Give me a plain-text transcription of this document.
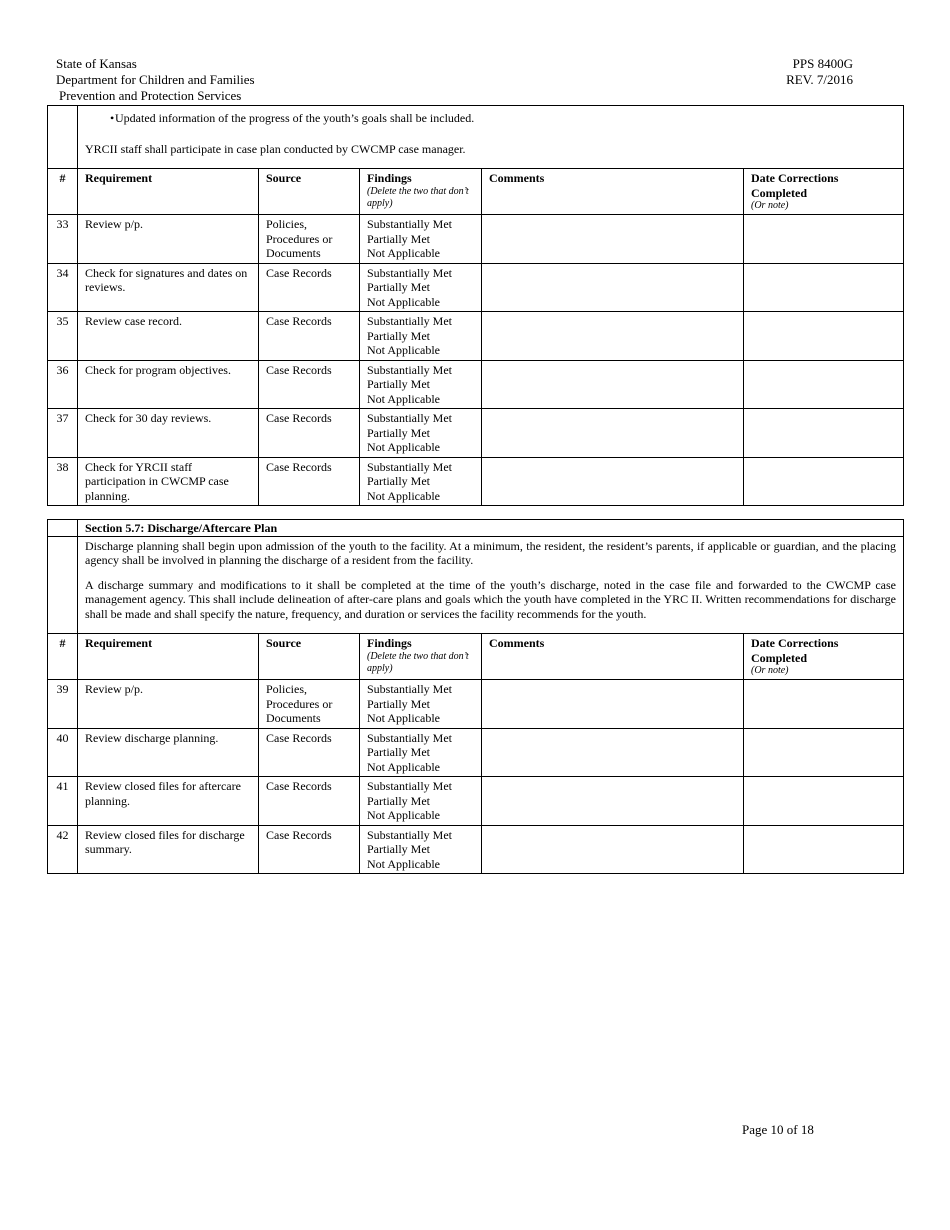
State of Kansas
Department for Children and Families
Prevention and Protection Services
PPS 8400G
REV. 7/2016

	• Updated information of the progress of the youth’s goals shall be included.

YRCII staff shall participate in case plan conducted by CWCMP case manager.

#	Requirement	Source	Findings
(Delete the two that don’t apply)	Comments	Date Corrections Completed
(Or note)

33	Review p/p.	Policies, Procedures or Documents	Substantially Met
Partially Met
Not Applicable		

34	Check for signatures and dates on reviews.	Case Records	Substantially Met
Partially Met
Not Applicable		

35	Review case record.	Case Records	Substantially Met
Partially Met
Not Applicable		

36	Check for program objectives.	Case Records	Substantially Met
Partially Met
Not Applicable		

37	Check for 30 day reviews.	Case Records	Substantially Met
Partially Met
Not Applicable		

38	Check for YRCII staff participation in CWCMP case planning.	Case Records	Substantially Met
Partially Met
Not Applicable		

	Section 5.7: Discharge/Aftercare Plan				

	Discharge planning shall begin upon admission of the youth to the facility. At a minimum, the resident, the resident’s parents, if applicable or guardian, and the placing agency shall be involved in planning the discharge of a resident from the facility.

A discharge summary and modifications to it shall be completed at the time of the youth’s discharge, noted in the case file and forwarded to the CWCMP case management agency. This shall include delineation of after-care plans and goals which the youth have completed in the YRC II. Written recommendations for discharge shall be made and shall specify the nature, frequency, and duration or services the facility recommends for the youth.				

#	Requirement	Source	Findings
(Delete the two that don’t apply)	Comments	Date Corrections Completed
(Or note)

39	Review p/p.	Policies, Procedures or Documents	Substantially Met
Partially Met
Not Applicable		

40	Review discharge planning.	Case Records	Substantially Met
Partially Met
Not Applicable		

41	Review closed files for aftercare planning.	Case Records	Substantially Met
Partially Met
Not Applicable		

42	Review closed files for discharge summary.	Case Records	Substantially Met
Partially Met
Not Applicable		

Page 10 of 18
